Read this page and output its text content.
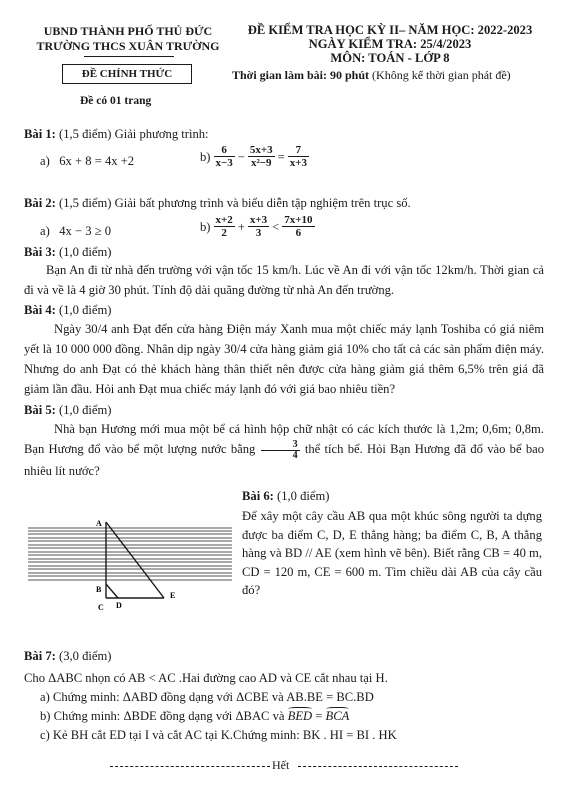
UBND THÀNH PHỐ THỦ ĐỨC
TRƯỜNG THCS XUÂN TRƯỜNG
ĐỀ CHÍNH THỨC
Đề có 01 trang
ĐỀ KIỂM TRA HỌC KỲ II– NĂM HỌC: 2022-2023
NGÀY KIỂM TRA: 25/4/2023
MÔN: TOÁN - LỚP 8
Thời gian làm bài: 90 phút (Không kể thời gian phát đề)
Bài 1: (1,5 điểm) Giải phương trình:
a) 6x + 8 = 4x +2	$b) \frac{6}{x-3} - \frac{5x+3}{\text{x²−9}} = \frac{7}{x+3}$
Bài 2: (1,5 điểm) Giải bất phương trình và biểu diễn tập nghiệm trên trục số.
a) 4x − 3 ≥ 0	$b) \frac{x+2}{2} + \frac{x+3}{3} < \frac{7x+10}{6}$
Bài 3: (1,0 điểm)
Bạn An đi từ nhà đến trường với vận tốc 15 km/h. Lúc về An đi với vận tốc 12km/h. Thời gian cả đi và về là 4 giờ 30 phút. Tính độ dài quãng đường từ nhà An đến trường.
Bài 4: (1,0 điểm)
Ngày 30/4 anh Đạt đến cửa hàng Điện máy Xanh mua một chiếc máy lạnh Toshiba có giá niêm yết là 10 000 000 đồng. Nhân dịp ngày 30/4 cửa hàng giảm giá 10% cho tất cả các sản phẩm điện máy. Nhưng do anh Đạt có thẻ khách hàng thân thiết nên được cửa hàng giảm giá thêm 6,5% trên giá đã giảm lần đầu. Hỏi anh Đạt mua chiếc máy lạnh đó với giá bao nhiêu tiền?
Bài 5: (1,0 điểm)
Nhà bạn Hương mới mua một bể cá hình hộp chữ nhật có các kích thước là 1,2m; 0,6m; 0,8m. Bạn Hương đổ vào bể một lượng nước bằng $\frac{3}{4}$ thể tích bể. Hỏi Bạn Hương đã đổ vào bể bao nhiêu lít nước?
Bài 6: (1,0 điểm)
Để xây một cây cầu AB qua một khúc sông người ta dựng được ba điểm C, D, E thẳng hàng; ba điểm C, B, A thẳng hàng và BD // AE (xem hình vẽ bên). Biết rằng CB = 40 m, CD = 120 m, CE = 600 m. Tìm chiều dài AB của cây cầu đó?
A
B
C D
E
Bài 7: (3,0 điểm)
Cho ΔABC nhọn có AB < AC .Hai đường cao AD và CE cắt nhau tại H.
a) Chứng minh: ΔABD đồng dạng với ΔCBE và AB.BE = BC.BD
b) Chứng minh: ΔBDE đồng dạng với ΔBAC và BED = BCA
c) Kẻ BH cắt ED tại I và cắt AC tại K.Chứng minh: BK . HI = BI . HK
Hết
